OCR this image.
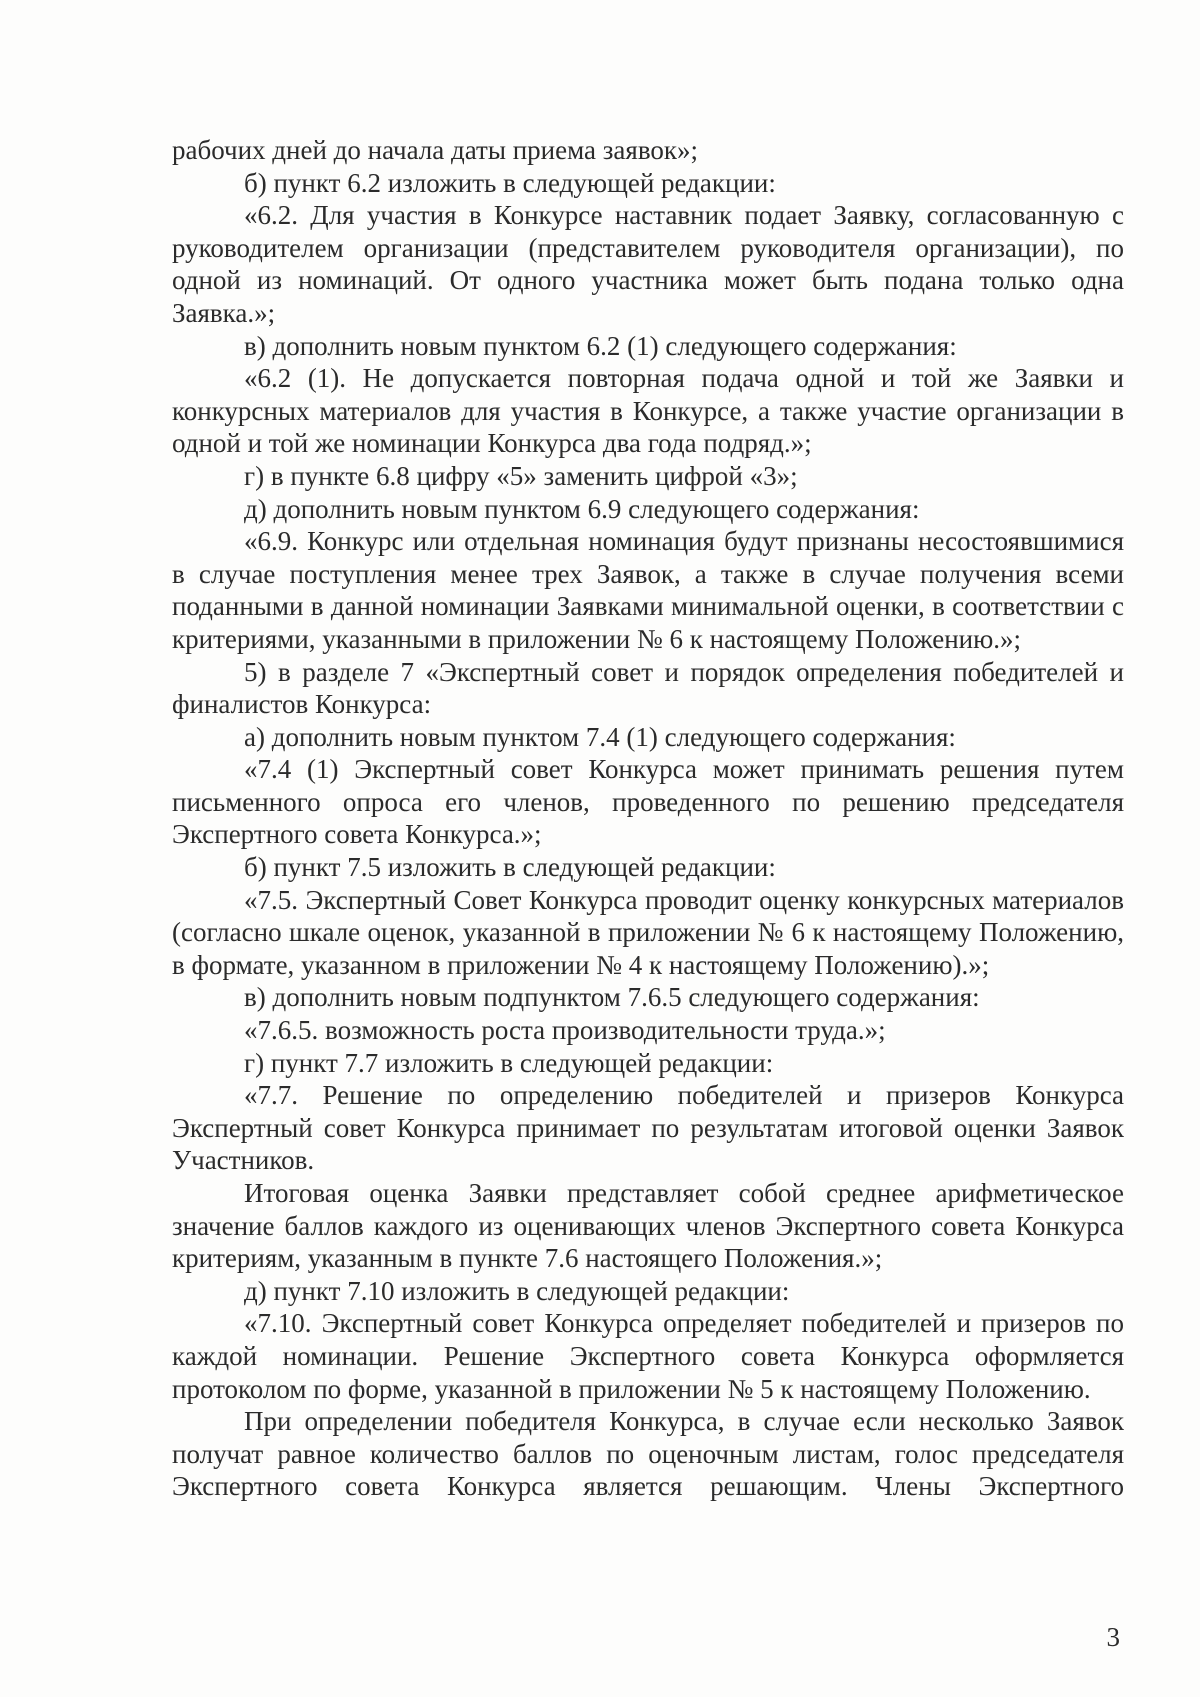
рабочих дней до начала даты приема заявок»;

б) пункт 6.2 изложить в следующей редакции:

«6.2. Для участия в Конкурсе наставник подает Заявку, согласованную с руководителем организации (представителем руководителя организации), по одной из номинаций. От одного участника может быть подана только одна Заявка.»;

в) дополнить новым пунктом 6.2 (1) следующего содержания:

«6.2 (1). Не допускается повторная подача одной и той же Заявки и конкурсных материалов для участия в Конкурсе, а также участие организации в одной и той же номинации Конкурса два года подряд.»;

г) в пункте 6.8 цифру «5» заменить цифрой «3»;

д) дополнить новым пунктом 6.9 следующего содержания:

«6.9. Конкурс или отдельная номинация будут признаны несостоявшимися в случае поступления менее трех Заявок, а также в случае получения всеми поданными в данной номинации Заявками минимальной оценки, в соответствии с критериями, указанными в приложении № 6 к настоящему Положению.»;

5) в разделе 7 «Экспертный совет и порядок определения победителей и финалистов Конкурса:

а) дополнить новым пунктом 7.4 (1) следующего содержания:

«7.4 (1) Экспертный совет Конкурса может принимать решения путем письменного опроса его членов, проведенного по решению председателя Экспертного совета Конкурса.»;

б) пункт 7.5 изложить в следующей редакции:

«7.5. Экспертный Совет Конкурса проводит оценку конкурсных материалов (согласно шкале оценок, указанной в приложении № 6 к настоящему Положению, в формате, указанном в приложении № 4 к настоящему Положению).»;

в) дополнить новым подпунктом 7.6.5 следующего содержания:

«7.6.5. возможность роста производительности труда.»;

г) пункт 7.7 изложить в следующей редакции:

«7.7. Решение по определению победителей и призеров Конкурса Экспертный совет Конкурса принимает по результатам итоговой оценки Заявок Участников.

Итоговая оценка Заявки представляет собой среднее арифметическое значение баллов каждого из оценивающих членов Экспертного совета Конкурса критериям, указанным в пункте 7.6 настоящего Положения.»;

д) пункт 7.10 изложить в следующей редакции:

«7.10. Экспертный совет Конкурса определяет победителей и призеров по каждой номинации. Решение Экспертного совета Конкурса оформляется протоколом по форме, указанной в приложении № 5 к настоящему Положению.

При определении победителя Конкурса, в случае если несколько Заявок получат равное количество баллов по оценочным листам, голос председателя Экспертного совета Конкурса является решающим. Члены Экспертного

3
